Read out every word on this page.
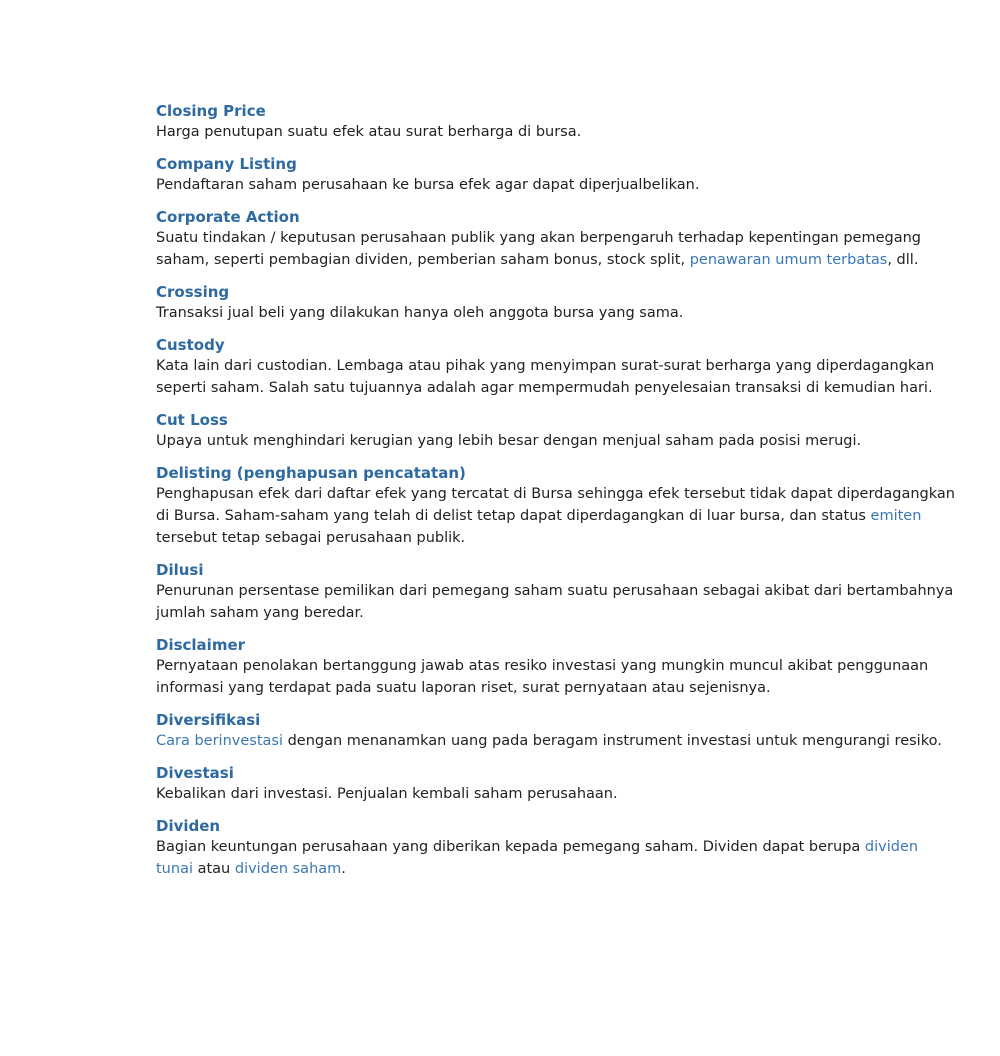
Closing Price
Harga penutupan suatu efek atau surat berharga di bursa.
Company Listing
Pendaftaran saham perusahaan ke bursa efek agar dapat diperjualbelikan.
Corporate Action
Suatu tindakan / keputusan perusahaan publik yang akan berpengaruh terhadap kepentingan pemegang saham, seperti pembagian dividen, pemberian saham bonus, stock split, penawaran umum terbatas, dll.
Crossing
Transaksi jual beli yang dilakukan hanya oleh anggota bursa yang sama.
Custody
Kata lain dari custodian. Lembaga atau pihak yang menyimpan surat-surat berharga yang diperdagangkan seperti saham. Salah satu tujuannya adalah agar mempermudah penyelesaian transaksi di kemudian hari.
Cut Loss
Upaya untuk menghindari kerugian yang lebih besar dengan menjual saham pada posisi merugi.
Delisting (penghapusan pencatatan)
Penghapusan efek dari daftar efek yang tercatat di Bursa sehingga efek tersebut tidak dapat diperdagangkan di Bursa. Saham-saham yang telah di delist tetap dapat diperdagangkan di luar bursa, dan status emiten tersebut tetap sebagai perusahaan publik.
Dilusi
Penurunan persentase pemilikan dari pemegang saham suatu perusahaan sebagai akibat dari bertambahnya jumlah saham yang beredar.
Disclaimer
Pernyataan penolakan bertanggung jawab atas resiko investasi yang mungkin muncul akibat penggunaan informasi yang terdapat pada suatu laporan riset, surat pernyataan atau sejenisnya.
Diversifikasi
Cara berinvestasi dengan menanamkan uang pada beragam instrument investasi untuk mengurangi resiko.
Divestasi
Kebalikan dari investasi. Penjualan kembali saham perusahaan.
Dividen
Bagian keuntungan perusahaan yang diberikan kepada pemegang saham. Dividen dapat berupa dividen tunai atau dividen saham.
